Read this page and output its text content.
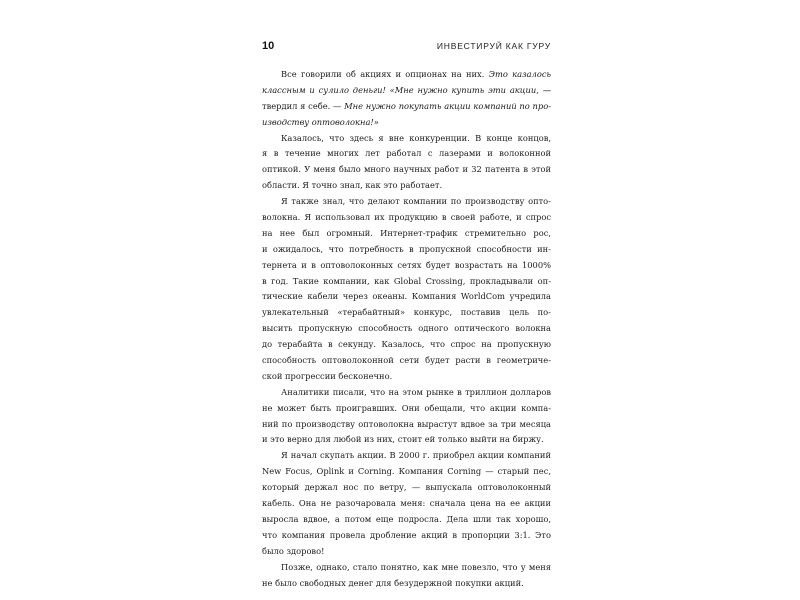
10	ИНВЕСТИРУЙ КАК ГУРУ
Все говорили об акциях и опционах на них. Это казалось
классным и сулило деньги! «Мне нужно купить эти акции, —
твердил я себе. — Мне нужно покупать акции компаний по про-
изводству оптоволокна!»
Казалось, что здесь я вне конкуренции. В конце концов,
я в течение многих лет работал с лазерами и волоконной
оптикой. У меня было много научных работ и 32 патента в этой
области. Я точно знал, как это работает.
Я также знал, что делают компании по производству опто-
волокна. Я использовал их продукцию в своей работе, и спрос
на нее был огромный. Интернет-трафик стремительно рос,
и ожидалось, что потребность в пропускной способности ин-
тернета и в оптоволоконных сетях будет возрастать на 1000%
в год. Такие компании, как Global Crossing, прокладывали оп-
тические кабели через океаны. Компания WorldCom учредила
увлекательный «терабайтный» конкурс, поставив цель по-
высить пропускную способность одного оптического волокна
до терабайта в секунду. Казалось, что спрос на пропускную
способность оптоволоконной сети будет расти в геометриче-
ской прогрессии бесконечно.
Аналитики писали, что на этом рынке в триллион долларов
не может быть проигравших. Они обещали, что акции компа-
ний по производству оптоволокна вырастут вдвое за три месяца
и это верно для любой из них, стоит ей только выйти на биржу.
Я начал скупать акции. В 2000 г. приобрел акции компаний
New Focus, Oplink и Corning. Компания Corning — старый пес,
который держал нос по ветру, — выпускала оптоволоконный
кабель. Она не разочаровала меня: сначала цена на ее акции
выросла вдвое, а потом еще подросла. Дела шли так хорошо,
что компания провела дробление акций в пропорции 3:1. Это
было здорово!
Позже, однако, стало понятно, как мне повезло, что у меня
не было свободных денег для безудержной покупки акций.
